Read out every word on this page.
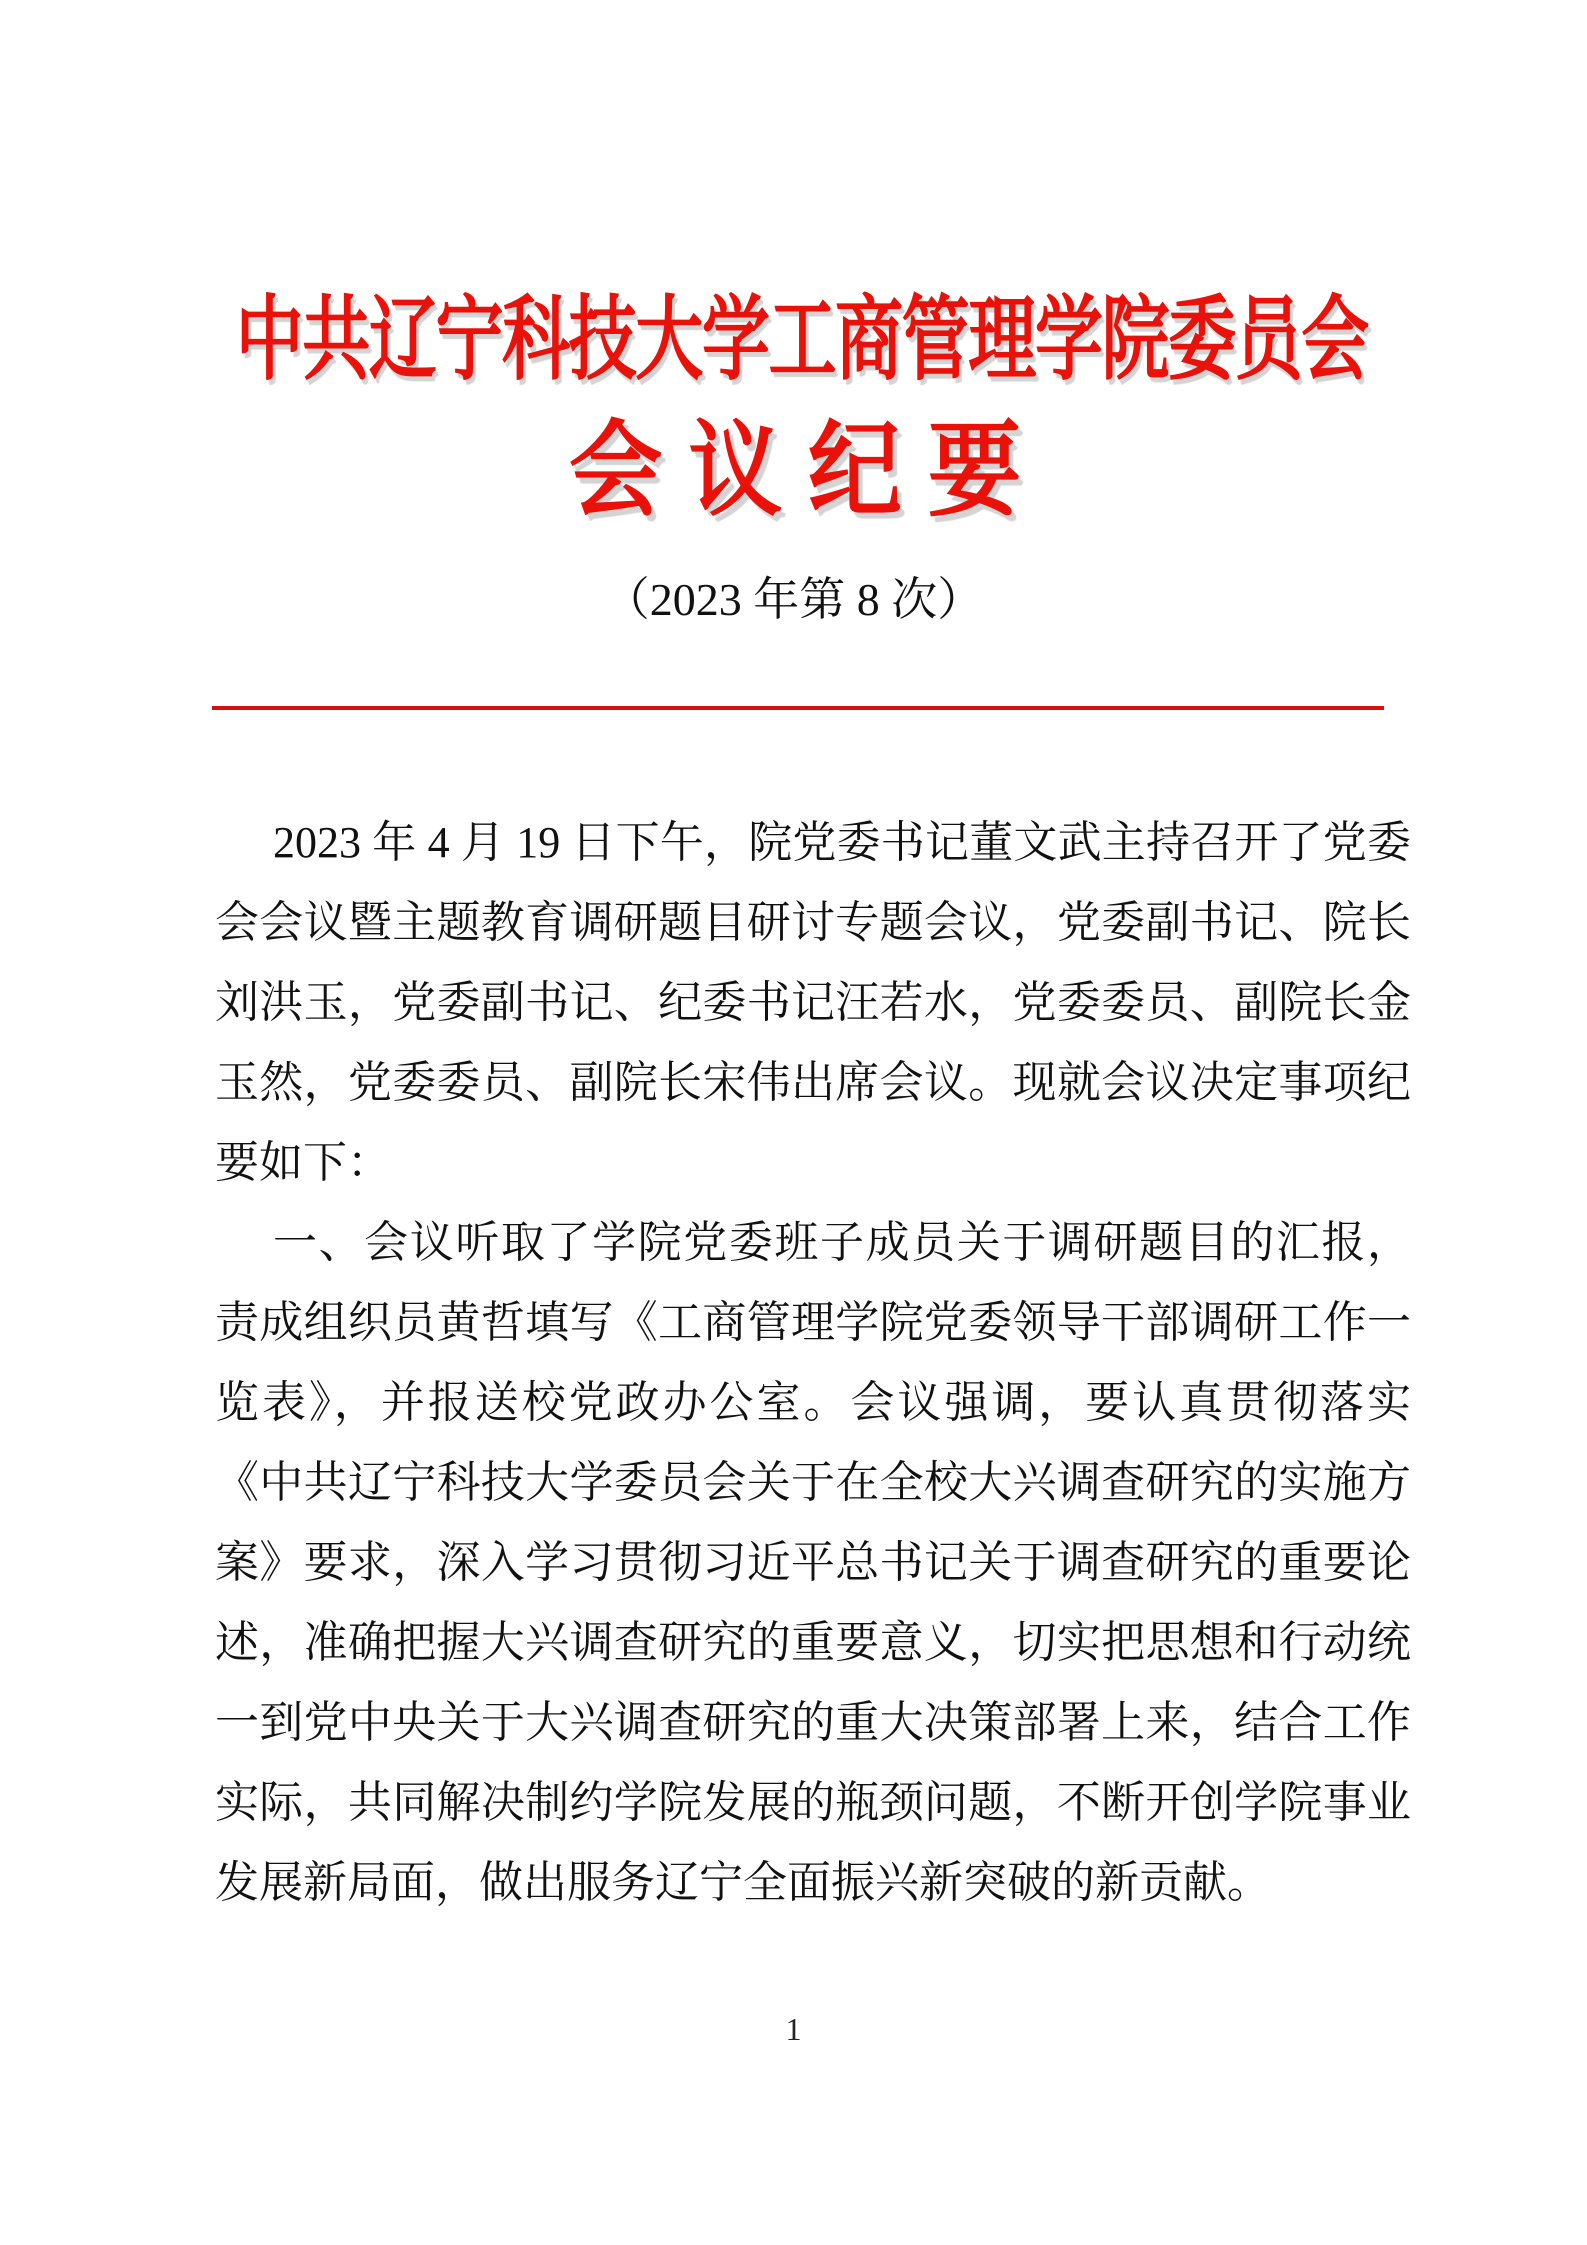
中共辽宁科技大学工商管理学院委员会
会 议 纪 要
（2023 年第 8 次）

2023 年 4 月 19 日下午，院党委书记董文武主持召开了党委会会议暨主题教育调研题目研讨专题会议，党委副书记、院长刘洪玉，党委副书记、纪委书记汪若水，党委委员、副院长金玉然，党委委员、副院长宋伟出席会议。现就会议决定事项纪要如下：

一、会议听取了学院党委班子成员关于调研题目的汇报，责成组织员黄哲填写《工商管理学院党委领导干部调研工作一览表》，并报送校党政办公室。会议强调，要认真贯彻落实《中共辽宁科技大学委员会关于在全校大兴调查研究的实施方案》要求，深入学习贯彻习近平总书记关于调查研究的重要论述，准确把握大兴调查研究的重要意义，切实把思想和行动统一到党中央关于大兴调查研究的重大决策部署上来，结合工作实际，共同解决制约学院发展的瓶颈问题，不断开创学院事业发展新局面，做出服务辽宁全面振兴新突破的新贡献。

1
